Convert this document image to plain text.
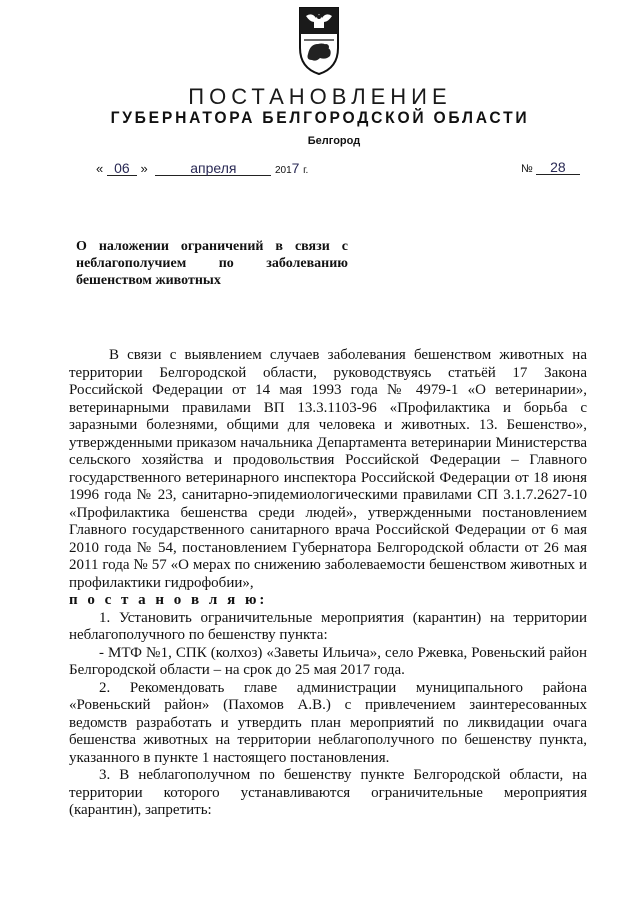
ПОСТАНОВЛЕНИЕ
ГУБЕРНАТОРА БЕЛГОРОДСКОЙ ОБЛАСТИ
Белгород
« 06 »	апреля	2017 г.	№ 28
О наложении ограничений в связи с неблагополучием по заболеванию бешенством животных

В связи с выявлением случаев заболевания бешенством животных на территории Белгородской области, руководствуясь статьёй 17 Закона Российской Федерации от 14 мая 1993 года № 4979-1 «О ветеринарии», ветеринарными правилами ВП 13.3.1103-96 «Профилактика и борьба с заразными болезнями, общими для человека и животных. 13. Бешенство», утвержденными приказом начальника Департамента ветеринарии Министерства сельского хозяйства и продовольствия Российской Федерации – Главного государственного ветеринарного инспектора Российской Федерации от 18 июня 1996 года № 23, санитарно-эпидемиологическими правилами СП 3.1.7.2627-10 «Профилактика бешенства среди людей», утвержденными постановлением Главного государственного санитарного врача Российской Федерации от 6 мая 2010 года № 54, постановлением Губернатора Белгородской области от 26 мая 2011 года № 57 «О мерах по снижению заболеваемости бешенством животных и профилактики гидрофобии»,

п о с т а н о в л я ю:

1. Установить ограничительные мероприятия (карантин) на территории неблагополучного по бешенству пункта:

- МТФ №1, СПК (колхоз) «Заветы Ильича», село Ржевка, Ровеньский район Белгородской области – на срок до 25 мая 2017 года.

2. Рекомендовать главе администрации муниципального района «Ровеньский район» (Пахомов А.В.) с привлечением заинтересованных ведомств разработать и утвердить план мероприятий по ликвидации очага бешенства животных на территории неблагополучного по бешенству пункта, указанного в пункте 1 настоящего постановления.

3. В неблагополучном по бешенству пункте Белгородской области, на территории которого устанавливаются ограничительные мероприятия (карантин), запретить:
